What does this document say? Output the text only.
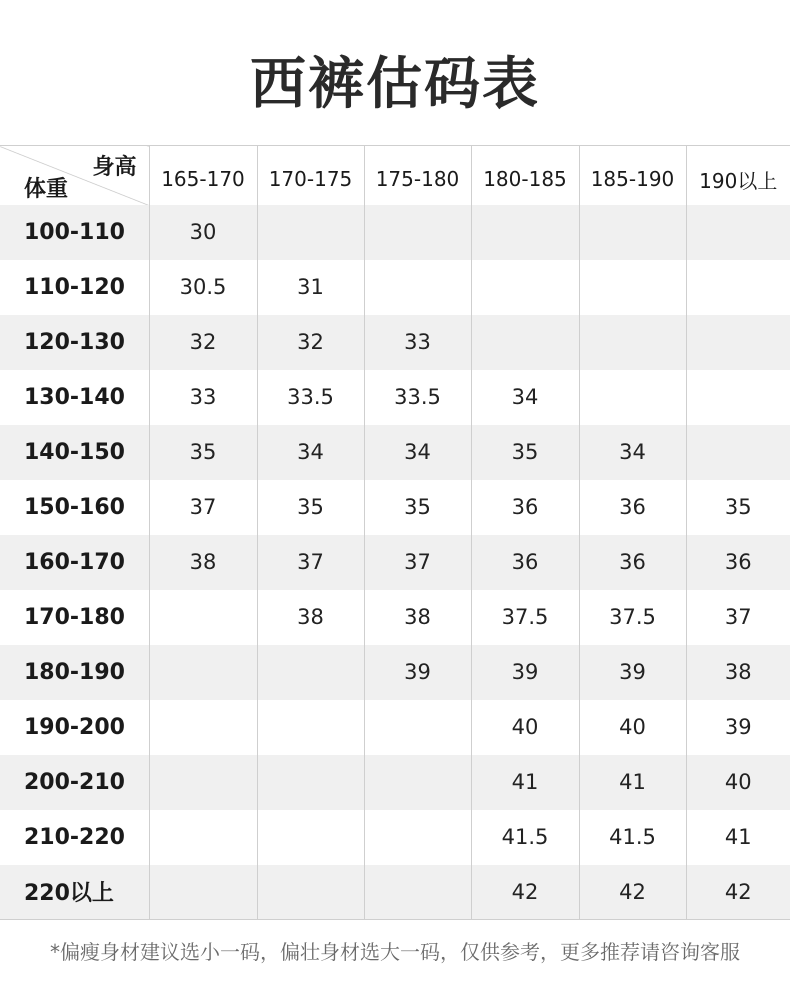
西裤估码表
身高
体重	165-170	170-175	175-180	180-185	185-190	190以上
100-110	30					
110-120	30.5	31				
120-130	32	32	33			
130-140	33	33.5	33.5	34		
140-150	35	34	34	35	34	
150-160	37	35	35	36	36	35
160-170	38	37	37	36	36	36
170-180		38	38	37.5	37.5	37
180-190			39	39	39	38
190-200				40	40	39
200-210				41	41	40
210-220				41.5	41.5	41
220以上				42	42	42
*偏瘦身材建议选小一码，偏壮身材选大一码，仅供参考，更多推荐请咨询客服
